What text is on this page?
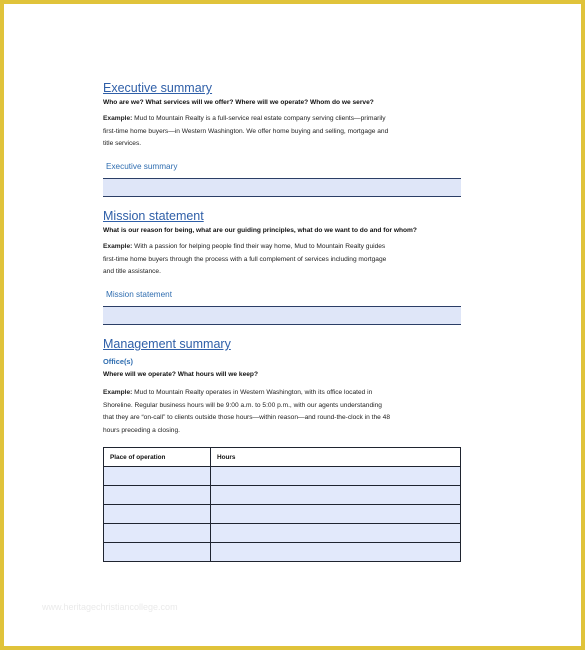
Executive summary
Who are we? What services will we offer? Where will we operate? Whom do we serve?
Example: Mud to Mountain Realty is a full-service real estate company serving clients—primarily
first-time home buyers—in Western Washington. We offer home buying and selling, mortgage and
title services.
Executive summary
Mission statement
What is our reason for being, what are our guiding principles, what do we want to do and for whom?
Example: With a passion for helping people find their way home, Mud to Mountain Realty guides
first-time home buyers through the process with a full complement of services including mortgage
and title assistance.
Mission statement
Management summary
Office(s)
Where will we operate? What hours will we keep?
Example: Mud to Mountain Realty operates in Western Washington, with its office located in
Shoreline. Regular business hours will be 9:00 a.m. to 5:00 p.m., with our agents understanding
that they are “on-call” to clients outside those hours—within reason—and round-the-clock in the 48
hours preceding a closing.
Place of operation	Hours

www.heritagechristiancollege.com
